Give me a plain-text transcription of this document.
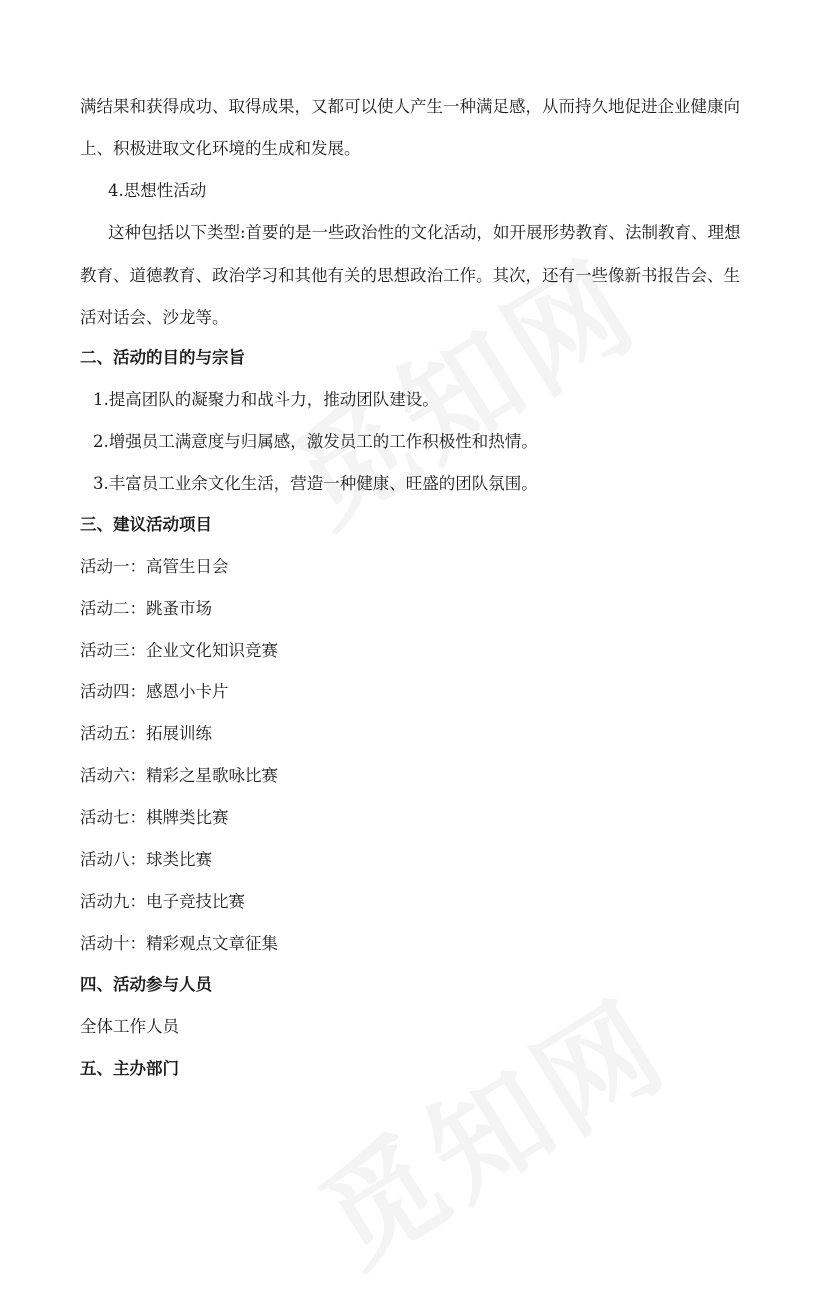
满结果和获得成功、取得成果，又都可以使人产生一种满足感，从而持久地促进企业健康向
上、积极进取文化环境的生成和发展。
4.思想性活动
这种包括以下类型:首要的是一些政治性的文化活动，如开展形势教育、法制教育、理想
教育、道德教育、政治学习和其他有关的思想政治工作。其次，还有一些像新书报告会、生
活对话会、沙龙等。
二、活动的目的与宗旨
1.提高团队的凝聚力和战斗力，推动团队建设。
2.增强员工满意度与归属感，激发员工的工作积极性和热情。
3.丰富员工业余文化生活，营造一种健康、旺盛的团队氛围。
三、建议活动项目
活动一：高管生日会
活动二：跳蚤市场
活动三：企业文化知识竞赛
活动四：感恩小卡片
活动五：拓展训练
活动六：精彩之星歌咏比赛
活动七：棋牌类比赛
活动八：球类比赛
活动九：电子竞技比赛
活动十：精彩观点文章征集
四、活动参与人员
全体工作人员
五、主办部门
